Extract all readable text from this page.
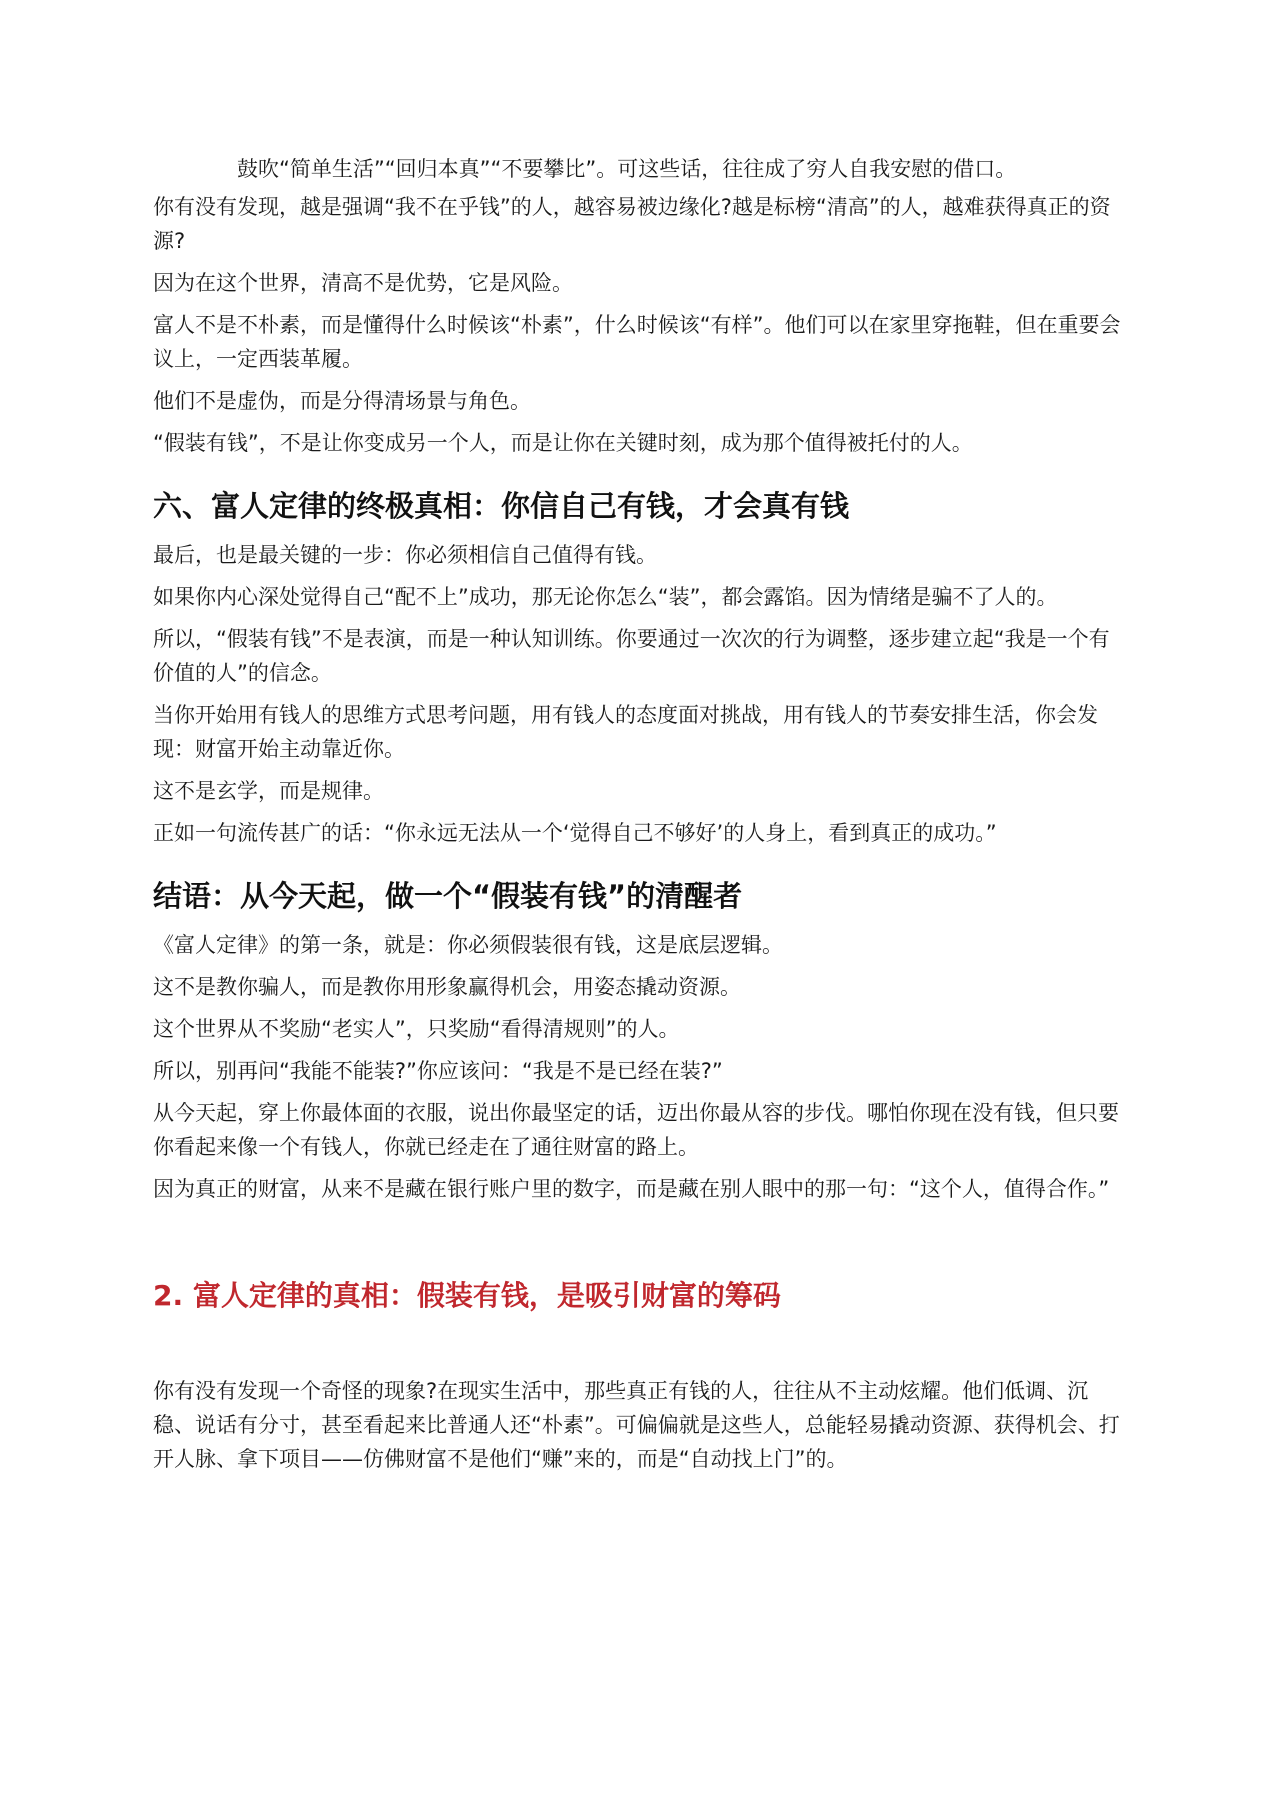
鼓吹“简单生活”“回归本真”“不要攀比”。可这些话，往往成了穷人自我安慰的借口。

你有没有发现，越是强调“我不在乎钱”的人，越容易被边缘化?越是标榜“清高”的人，越难获得真正的资源?

因为在这个世界，清高不是优势，它是风险。

富人不是不朴素，而是懂得什么时候该“朴素”，什么时候该“有样”。他们可以在家里穿拖鞋，但在重要会议上，一定西装革履。

他们不是虚伪，而是分得清场景与角色。

“假装有钱”，不是让你变成另一个人，而是让你在关键时刻，成为那个值得被托付的人。

六、富人定律的终极真相：你信自己有钱，才会真有钱

最后，也是最关键的一步：你必须相信自己值得有钱。

如果你内心深处觉得自己“配不上”成功，那无论你怎么“装”，都会露馅。因为情绪是骗不了人的。

所以，“假装有钱”不是表演，而是一种认知训练。你要通过一次次的行为调整，逐步建立起“我是一个有价值的人”的信念。

当你开始用有钱人的思维方式思考问题，用有钱人的态度面对挑战，用有钱人的节奏安排生活，你会发现：财富开始主动靠近你。

这不是玄学，而是规律。

正如一句流传甚广的话：“你永远无法从一个‘觉得自己不够好’的人身上，看到真正的成功。”

结语：从今天起，做一个“假装有钱”的清醒者

《富人定律》的第一条，就是：你必须假装很有钱，这是底层逻辑。

这不是教你骗人，而是教你用形象赢得机会，用姿态撬动资源。

这个世界从不奖励“老实人”，只奖励“看得清规则”的人。

所以，别再问“我能不能装?”你应该问：“我是不是已经在装?”

从今天起，穿上你最体面的衣服，说出你最坚定的话，迈出你最从容的步伐。哪怕你现在没有钱，但只要你看起来像一个有钱人，你就已经走在了通往财富的路上。

因为真正的财富，从来不是藏在银行账户里的数字，而是藏在别人眼中的那一句：“这个人，值得合作。”

2. 富人定律的真相：假装有钱，是吸引财富的筹码

你有没有发现一个奇怪的现象?在现实生活中，那些真正有钱的人，往往从不主动炫耀。他们低调、沉稳、说话有分寸，甚至看起来比普通人还“朴素”。可偏偏就是这些人，总能轻易撬动资源、获得机会、打开人脉、拿下项目——仿佛财富不是他们“赚”来的，而是“自动找上门”的。
